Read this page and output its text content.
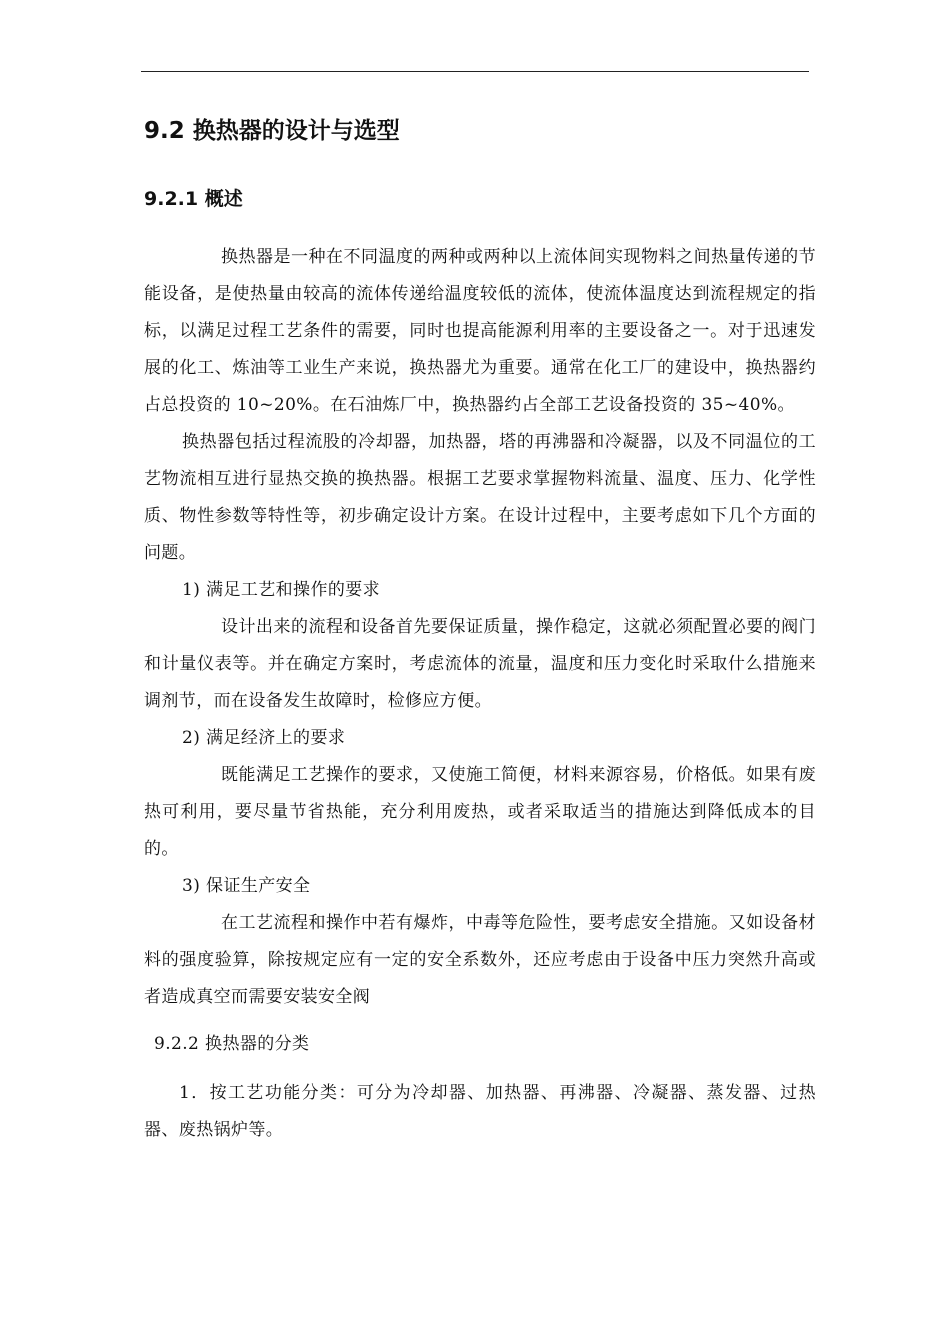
9.2 换热器的设计与选型
9.2.1 概述

换热器是一种在不同温度的两种或两种以上流体间实现物料之间热量传递的节能设备，是使热量由较高的流体传递给温度较低的流体，使流体温度达到流程规定的指标，以满足过程工艺条件的需要，同时也提高能源利用率的主要设备之一。对于迅速发展的化工、炼油等工业生产来说，换热器尤为重要。通常在化工厂的建设中，换热器约占总投资的 10~20%。在石油炼厂中，换热器约占全部工艺设备投资的 35~40%。

换热器包括过程流股的冷却器，加热器，塔的再沸器和冷凝器，以及不同温位的工艺物流相互进行显热交换的换热器。根据工艺要求掌握物料流量、温度、压力、化学性质、物性参数等特性等，初步确定设计方案。在设计过程中，主要考虑如下几个方面的问题。

1) 满足工艺和操作的要求

设计出来的流程和设备首先要保证质量，操作稳定，这就必须配置必要的阀门和计量仪表等。并在确定方案时，考虑流体的流量，温度和压力变化时采取什么措施来调剂节，而在设备发生故障时，检修应方便。

2) 满足经济上的要求

既能满足工艺操作的要求，又使施工简便，材料来源容易，价格低。如果有废热可利用，要尽量节省热能，充分利用废热，或者采取适当的措施达到降低成本的目的。

3) 保证生产安全

在工艺流程和操作中若有爆炸，中毒等危险性，要考虑安全措施。又如设备材料的强度验算，除按规定应有一定的安全系数外，还应考虑由于设备中压力突然升高或者造成真空而需要安装安全阀

9.2.2 换热器的分类

1．按工艺功能分类：可分为冷却器、加热器、再沸器、冷凝器、蒸发器、过热器、废热锅炉等。
